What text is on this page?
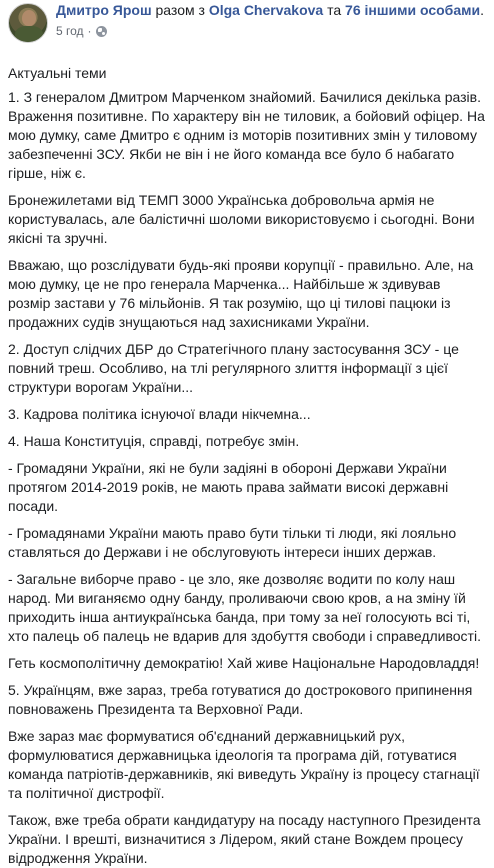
Дмитро Ярош разом з Olga Chervakova та 76 іншими особами.
5 год ·

Актуальні теми

1. З генералом Дмитром Марченком знайомий. Бачилися декілька разів. Враження позитивне. По характеру він не тиловик, а бойовий офіцер. На мою думку, саме Дмитро є одним із моторів позитивних змін у тиловому забезпеченні ЗСУ. Якби не він і не його команда все було б набагато гірше, ніж є.

Бронежилетами від ТЕМП 3000 Українська добровольча армія не користувалась, але балістичні шоломи використовуємо і сьогодні. Вони якісні та зручні.

Вважаю, що розслідувати будь-які прояви корупції - правильно. Але, на мою думку, це не про генерала Марченка... Найбільше ж здивував розмір застави у 76 мільйонів. Я так розумію, що ці тилові пацюки із продажних судів знущаються над захисниками України.

2. Доступ слідчих ДБР до Стратегічного плану застосування ЗСУ - це повний треш. Особливо, на тлі регулярного злиття інформації з цієї структури ворогам України...

3. Кадрова політика існуючої влади нікчемна...

4. Наша Конституція, справді, потребує змін.

- Громадяни України, які не були задіяні в обороні Держави України протягом 2014-2019 років, не мають права займати високі державні посади.

- Громадянами України мають право бути тільки ті люди, які лояльно ставляться до Держави і не обслуговують інтереси інших держав.

- Загальне виборче право - це зло, яке дозволяє водити по колу наш народ. Ми виганяємо одну банду, проливаючи свою кров, а на зміну їй приходить інша антиукраїнська банда, при тому за неї голосують всі ті, хто палець об палець не вдарив для здобуття свободи і справедливості.

Геть космополітичну демократію! Хай живе Національне Народовладдя!

5. Українцям, вже зараз, треба готуватися до дострокового припинення повноважень Президента та Верховної Ради.

Вже зараз має формуватися об'єднаний державницький рух, формулюватися державницька ідеологія та програма дій, готуватися команда патріотів-державників, які виведуть Україну із процесу стагнації та політичної дистрофії.

Також, вже треба обрати кандидатуру на посаду наступного Президента України. І врешті, визначитися з Лідером, який стане Вождем процесу відродження України.
